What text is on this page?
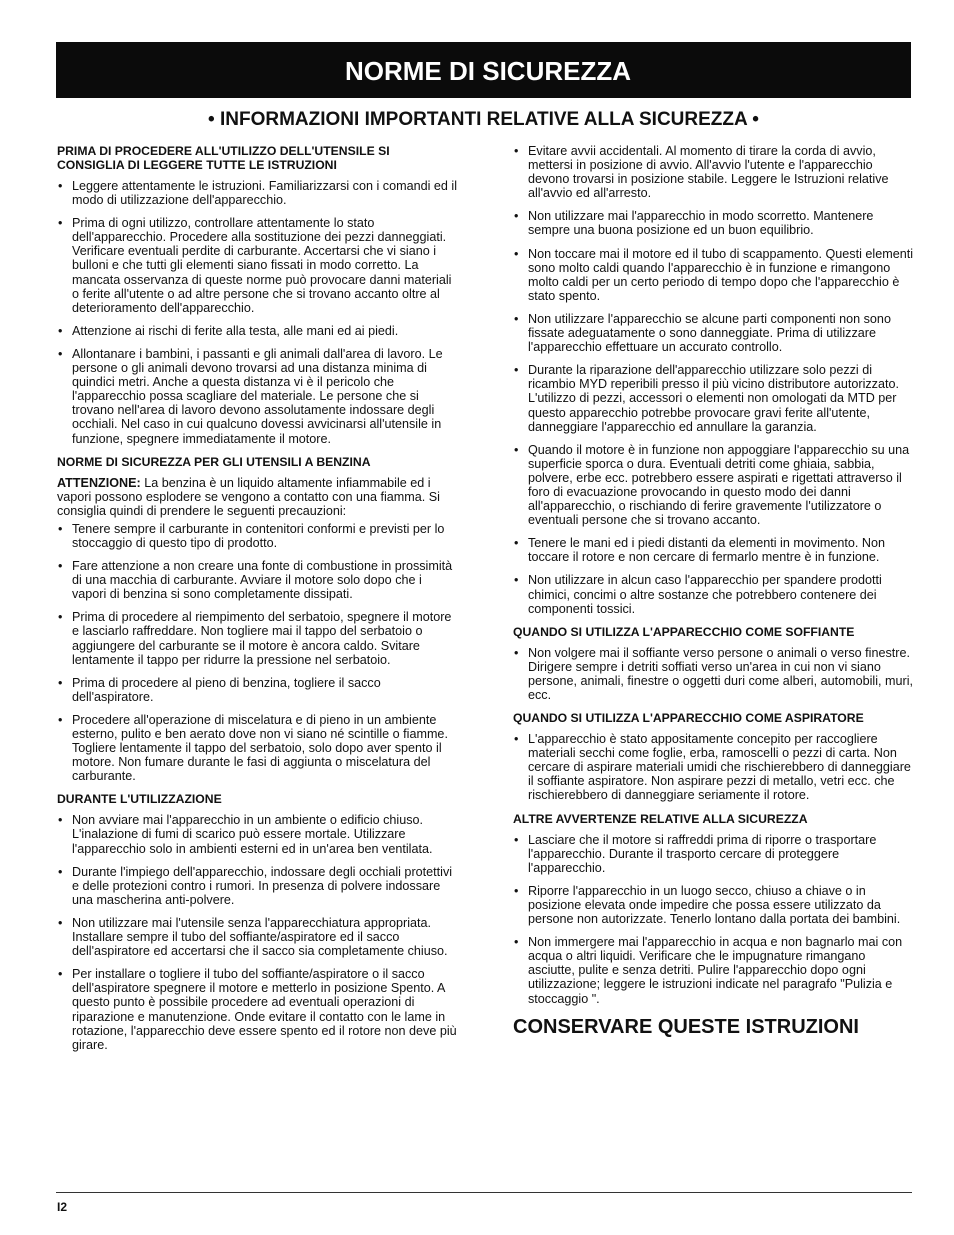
NORME DI SICUREZZA
• INFORMAZIONI IMPORTANTI RELATIVE ALLA SICUREZZA •
PRIMA DI PROCEDERE ALL'UTILIZZO DELL'UTENSILE SI CONSIGLIA DI LEGGERE TUTTE LE ISTRUZIONI
• Leggere attentamente le istruzioni. Familiarizzarsi con i comandi ed il modo di utilizzazione dell'apparecchio.
• Prima di ogni utilizzo, controllare attentamente lo stato dell'apparecchio. Procedere alla sostituzione dei pezzi danneggiati. Verificare eventuali perdite di carburante. Accertarsi che vi siano i bulloni e che tutti gli elementi siano fissati in modo corretto. La mancata osservanza di queste norme può provocare danni materiali o ferite all'utente o ad altre persone che si trovano accanto oltre al deterioramento dell'apparecchio.
• Attenzione ai rischi di ferite alla testa, alle mani ed ai piedi.
• Allontanare i bambini, i passanti e gli animali dall'area di lavoro. Le persone o gli animali devono trovarsi ad una distanza minima di quindici metri. Anche a questa distanza vi è il pericolo che l'apparecchio possa scagliare del materiale. Le persone che si trovano nell'area di lavoro devono assolutamente indossare degli occhiali. Nel caso in cui qualcuno dovessi avvicinarsi all'utensile in funzione, spegnere immediatamente il motore.
NORME DI SICUREZZA PER GLI UTENSILI A BENZINA

ATTENZIONE: La benzina è un liquido altamente infiammabile ed i vapori possono esplodere se vengono a contatto con una fiamma. Si consiglia quindi di prendere le seguenti precauzioni:

• Tenere sempre il carburante in contenitori conformi e previsti per lo stoccaggio di questo tipo di prodotto.
• Fare attenzione a non creare una fonte di combustione in prossimità di una macchia di carburante. Avviare il motore solo dopo che i vapori di benzina si sono completamente dissipati.
• Prima di procedere al riempimento del serbatoio, spegnere il motore e lasciarlo raffreddare. Non togliere mai il tappo del serbatoio o aggiungere del carburante se il motore è ancora caldo. Svitare lentamente il tappo per ridurre la pressione nel serbatoio.
• Prima di procedere al pieno di benzina, togliere il sacco dell'aspiratore.
• Procedere all'operazione di miscelatura e di pieno in un ambiente esterno, pulito e ben aerato dove non vi siano né scintille o fiamme. Togliere lentamente il tappo del serbatoio, solo dopo aver spento il motore. Non fumare durante le fasi di aggiunta o miscelatura del carburante.
DURANTE L'UTILIZZAZIONE
• Non avviare mai l'apparecchio in un ambiente o edificio chiuso. L'inalazione di fumi di scarico può essere mortale. Utilizzare l'apparecchio solo in ambienti esterni ed in un'area ben ventilata.
• Durante l'impiego dell'apparecchio, indossare degli occhiali protettivi e delle protezioni contro i rumori. In presenza di polvere indossare una mascherina anti-polvere.
• Non utilizzare mai l'utensile senza l'apparecchiatura appropriata. Installare sempre il tubo del soffiante/aspiratore ed il sacco dell'aspiratore ed accertarsi che il sacco sia completamente chiuso.
• Per installare o togliere il tubo del soffiante/aspiratore o il sacco dell'aspiratore spegnere il motore e metterlo in posizione Spento. A questo punto è possibile procedere ad eventuali operazioni di riparazione e manutenzione. Onde evitare il contatto con le lame in rotazione, l'apparecchio deve essere spento ed il rotore non deve più girare.
• Evitare avvii accidentali. Al momento di tirare la corda di avvio, mettersi in posizione di avvio. All'avvio l'utente e l'apparecchio devono trovarsi in posizione stabile. Leggere le Istruzioni relative all'avvio ed all'arresto.
• Non utilizzare mai l'apparecchio in modo scorretto. Mantenere sempre una buona posizione ed un buon equilibrio.
• Non toccare mai il motore ed il tubo di scappamento. Questi elementi sono molto caldi quando l'apparecchio è in funzione e rimangono molto caldi per un certo periodo di tempo dopo che l'apparecchio è stato spento.
• Non utilizzare l'apparecchio se alcune parti componenti non sono fissate adeguatamente o sono danneggiate. Prima di utilizzare l'apparecchio effettuare un accurato controllo.
• Durante la riparazione dell'apparecchio utilizzare solo pezzi di ricambio MYD reperibili presso il più vicino distributore autorizzato. L'utilizzo di pezzi, accessori o elementi non omologati da MTD per questo apparecchio potrebbe provocare gravi ferite all'utente, danneggiare l'apparecchio ed annullare la garanzia.
• Quando il motore è in funzione non appoggiare l'apparecchio su una superficie sporca o dura. Eventuali detriti come ghiaia, sabbia, polvere, erbe ecc. potrebbero essere aspirati e rigettati attraverso il foro di evacuazione provocando in questo modo dei danni all'apparecchio, o rischiando di ferire gravemente l'utilizzatore o eventuali persone che si trovano accanto.
• Tenere le mani ed i piedi distanti da elementi in movimento. Non toccare il rotore e non cercare di fermarlo mentre è in funzione.
• Non utilizzare in alcun caso l'apparecchio per spandere prodotti chimici, concimi o altre sostanze che potrebbero contenere dei componenti tossici.
QUANDO SI UTILIZZA L'APPARECCHIO COME SOFFIANTE
• Non volgere mai il soffiante verso persone o animali o verso finestre. Dirigere sempre i detriti soffiati verso un'area in cui non vi siano persone, animali, finestre o oggetti duri come alberi, automobili, muri, ecc.
QUANDO SI UTILIZZA L'APPARECCHIO COME ASPIRATORE
• L'apparecchio è stato appositamente concepito per raccogliere materiali secchi come foglie, erba, ramoscelli o pezzi di carta. Non cercare di aspirare materiali umidi che rischierebbero di danneggiare il soffiante aspiratore. Non aspirare pezzi di metallo, vetri ecc. che rischierebbero di danneggiare seriamente il rotore.
ALTRE AVVERTENZE RELATIVE ALLA SICUREZZA
• Lasciare che il motore si raffreddi prima di riporre o trasportare l'apparecchio. Durante il trasporto cercare di proteggere l'apparecchio.
• Riporre l'apparecchio in un luogo secco, chiuso a chiave o in posizione elevata onde impedire che possa essere utilizzato da persone non autorizzate. Tenerlo lontano dalla portata dei bambini.
• Non immergere mai l'apparecchio in acqua e non bagnarlo mai con acqua o altri liquidi. Verificare che le impugnature rimangano asciutte, pulite e senza detriti. Pulire l'apparecchio dopo ogni utilizzazione; leggere le istruzioni indicate nel paragrafo "Pulizia e stoccaggio ".
CONSERVARE QUESTE ISTRUZIONI
I2
